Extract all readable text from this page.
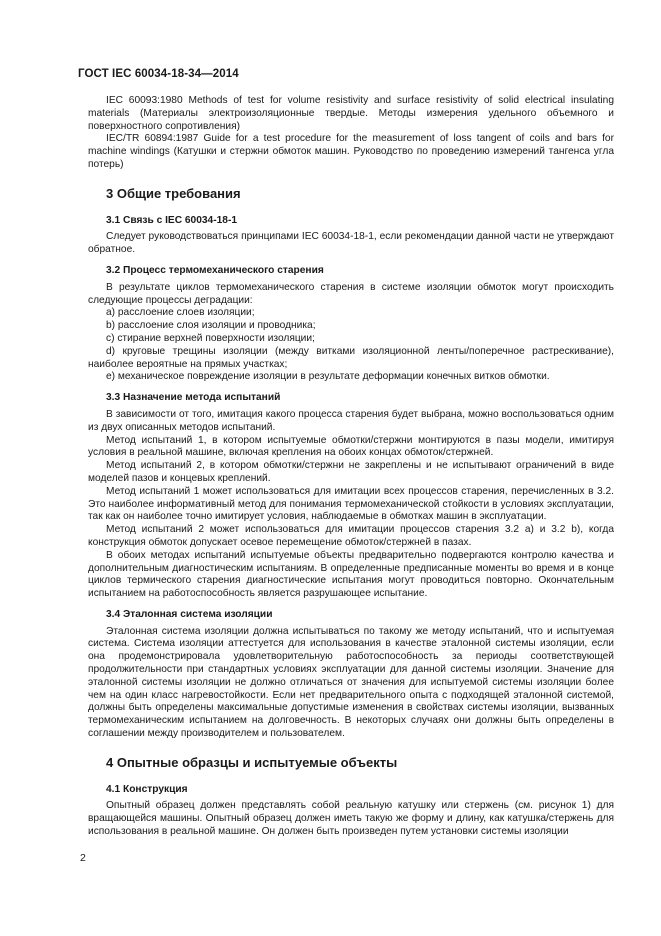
ГОСТ IEC 60034-18-34—2014

IEC 60093:1980 Methods of test for volume resistivity and surface resistivity of solid electrical insulating materials (Материалы электроизоляционные твердые. Методы измерения удельного объемного и поверхностного сопротивления)

IEC/TR 60894:1987 Guide for a test procedure for the measurement of loss tangent of coils and bars for machine windings (Катушки и стержни обмоток машин. Руководство по проведению измерений тангенса угла потерь)

3 Общие требования
3.1 Связь с IEC 60034-18-1

Следует руководствоваться принципами IEC 60034-18-1, если рекомендации данной части не утверждают обратное.

3.2 Процесс термомеханического старения

В результате циклов термомеханического старения в системе изоляции обмоток могут происходить следующие процессы деградации:

a) расслоение слоев изоляции;

b) расслоение слоя изоляции и проводника;

c) стирание верхней поверхности изоляции;

d) круговые трещины изоляции (между витками изоляционной ленты/поперечное растрескивание), наиболее вероятные на прямых участках;

e) механическое повреждение изоляции в результате деформации конечных витков обмотки.

3.3 Назначение метода испытаний

В зависимости от того, имитация какого процесса старения будет выбрана, можно воспользоваться одним из двух описанных методов испытаний.

Метод испытаний 1, в котором испытуемые обмотки/стержни монтируются в пазы модели, имитируя условия в реальной машине, включая крепления на обоих концах обмоток/стержней.

Метод испытаний 2, в котором обмотки/стержни не закреплены и не испытывают ограничений в виде моделей пазов и концевых креплений.

Метод испытаний 1 может использоваться для имитации всех процессов старения, перечисленных в 3.2. Это наиболее информативный метод для понимания термомеханической стойкости в условиях эксплуатации, так как он наиболее точно имитирует условия, наблюдаемые в обмотках машин в эксплуатации.

Метод испытаний 2 может использоваться для имитации процессов старения 3.2 a) и 3.2 b), когда конструкция обмоток допускает осевое перемещение обмоток/стержней в пазах.

В обоих методах испытаний испытуемые объекты предварительно подвергаются контролю качества и дополнительным диагностическим испытаниям. В определенные предписанные моменты во время и в конце циклов термического старения диагностические испытания могут проводиться повторно. Окончательным испытанием на работоспособность является разрушающее испытание.

3.4 Эталонная система изоляции

Эталонная система изоляции должна испытываться по такому же методу испытаний, что и испытуемая система. Система изоляции аттестуется для использования в качестве эталонной системы изоляции, если она продемонстрировала удовлетворительную работоспособность за периоды соответствующей продолжительности при стандартных условиях эксплуатации для данной системы изоляции. Значение для эталонной системы изоляции не должно отличаться от значения для испытуемой системы изоляции более чем на один класс нагревостойкости. Если нет предварительного опыта с подходящей эталонной системой, должны быть определены максимальные допустимые изменения в свойствах системы изоляции, вызванных термомеханическим испытанием на долговечность. В некоторых случаях они должны быть определены в соглашении между производителем и пользователем.

4 Опытные образцы и испытуемые объекты
4.1 Конструкция

Опытный образец должен представлять собой реальную катушку или стержень (см. рисунок 1) для вращающейся машины. Опытный образец должен иметь такую же форму и длину, как катушка/стержень для использования в реальной машине. Он должен быть произведен путем установки системы изоляции

2
